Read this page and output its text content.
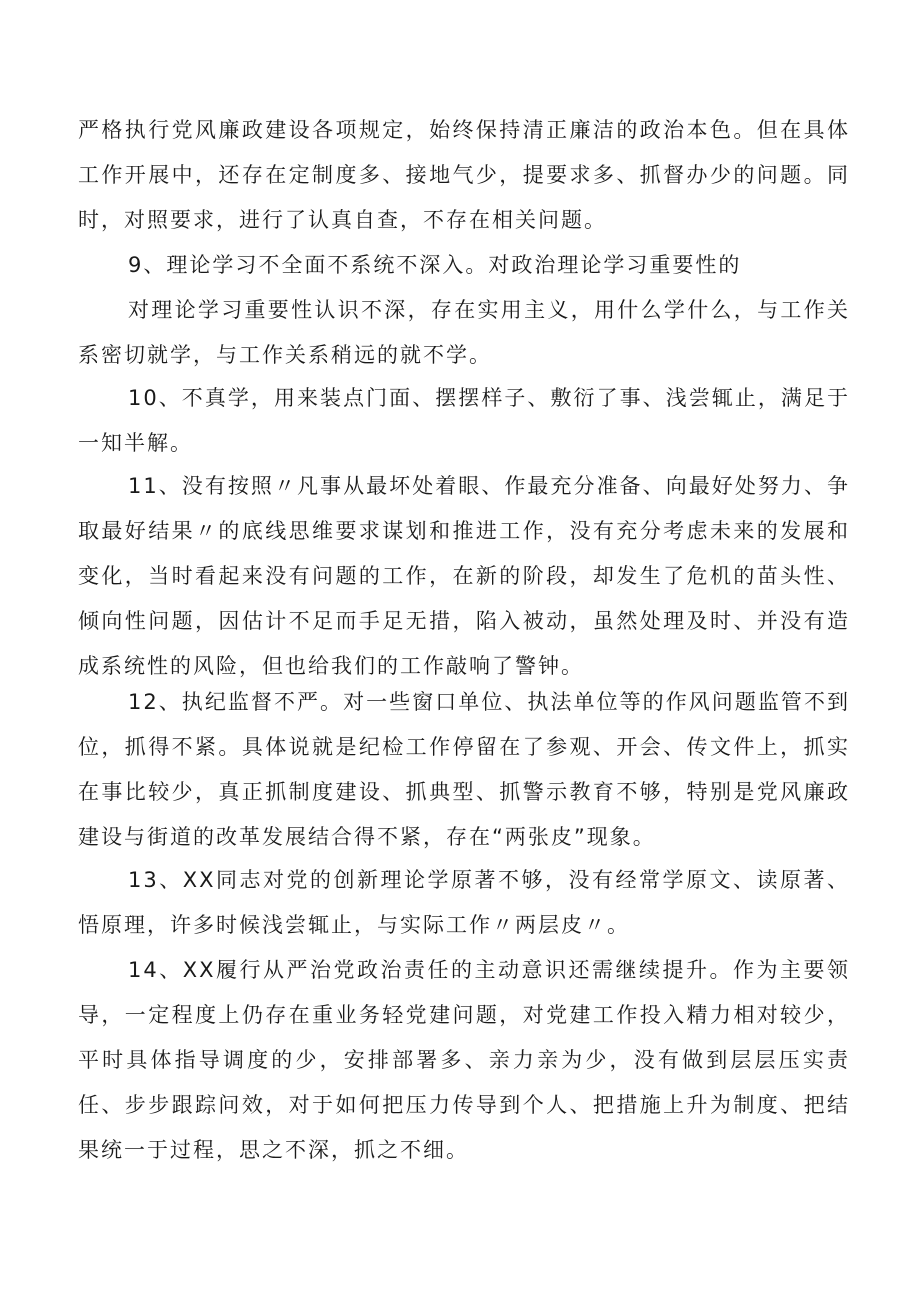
严格执行党风廉政建设各项规定，始终保持清正廉洁的政治本色。但在具体工作开展中，还存在定制度多、接地气少，提要求多、抓督办少的问题。同时，对照要求，进行了认真自查，不存在相关问题。

9、理论学习不全面不系统不深入。对政治理论学习重要性的

对理论学习重要性认识不深，存在实用主义，用什么学什么，与工作关系密切就学，与工作关系稍远的就不学。

10、不真学，用来装点门面、摆摆样子、敷衍了事、浅尝辄止，满足于一知半解。

11、没有按照〃凡事从最坏处着眼、作最充分准备、向最好处努力、争取最好结果〃的底线思维要求谋划和推进工作，没有充分考虑未来的发展和变化，当时看起来没有问题的工作，在新的阶段，却发生了危机的苗头性、倾向性问题，因估计不足而手足无措，陷入被动，虽然处理及时、并没有造成系统性的风险，但也给我们的工作敲响了警钟。

12、执纪监督不严。对一些窗口单位、执法单位等的作风问题监管不到位，抓得不紧。具体说就是纪检工作停留在了参观、开会、传文件上，抓实在事比较少，真正抓制度建设、抓典型、抓警示教育不够，特别是党风廉政建设与街道的改革发展结合得不紧，存在“两张皮”现象。

13、XX同志对党的创新理论学原著不够，没有经常学原文、读原著、悟原理，许多时候浅尝辄止，与实际工作〃两层皮〃。

14、XX履行从严治党政治责任的主动意识还需继续提升。作为主要领导，一定程度上仍存在重业务轻党建问题，对党建工作投入精力相对较少，平时具体指导调度的少，安排部署多、亲力亲为少，没有做到层层压实责任、步步跟踪问效，对于如何把压力传导到个人、把措施上升为制度、把结果统一于过程，思之不深，抓之不细。
